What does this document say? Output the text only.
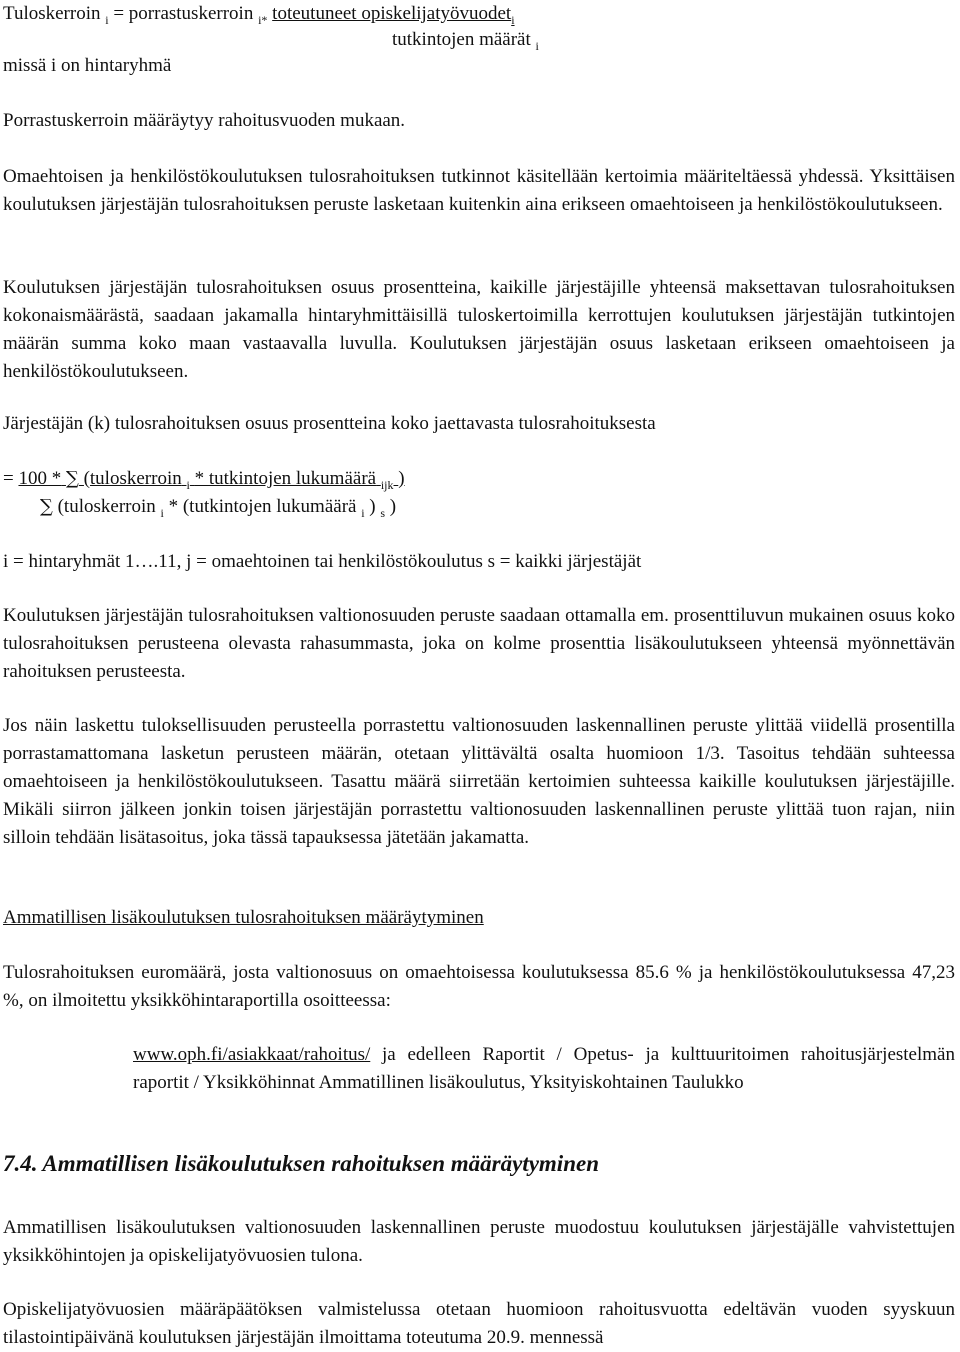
Tuloskerroin $_i$ = porrastuskerroin $_{i*}$ toteutuneet opiskelijatyövuodet$_i$
tutkintojen määrät $_i$

missä i on hintaryhmä

Porrastuskerroin määräytyy rahoitusvuoden mukaan.

Omaehtoisen ja henkilöstökoulutuksen tulosrahoituksen tutkinnot käsitellään kertoimia määriteltäessä yhdessä. Yksittäisen koulutuksen järjestäjän tulosrahoituksen peruste lasketaan kuitenkin aina erikseen omaehtoiseen ja henkilöstökoulutukseen.

Koulutuksen järjestäjän tulosrahoituksen osuus prosentteina, kaikille järjestäjille yhteensä maksettavan tulosrahoituksen kokonaismäärästä, saadaan jakamalla hintaryhmittäisillä tuloskertoimilla kerrottujen koulutuksen järjestäjän tutkintojen määrän summa koko maan vastaavalla luvulla. Koulutuksen järjestäjän osuus lasketaan erikseen omaehtoiseen ja henkilöstökoulutukseen.

Järjestäjän (k) tulosrahoituksen osuus prosentteina koko jaettavasta tulosrahoituksesta

= 100 * ∑ (tuloskerroin $_i$ * tutkintojen lukumäärä $_{ijk}$ )
∑ (tuloskerroin $_i$ * (tutkintojen lukumäärä $_i$ ) $_s$ )

i = hintaryhmät 1….11, j = omaehtoinen tai henkilöstökoulutus s = kaikki järjestäjät

Koulutuksen järjestäjän tulosrahoituksen valtionosuuden peruste saadaan ottamalla em. prosenttiluvun mukainen osuus koko tulosrahoituksen perusteena olevasta rahasummasta, joka on kolme prosenttia lisäkoulutukseen yhteensä myönnettävän rahoituksen perusteesta.

Jos näin laskettu tuloksellisuuden perusteella porrastettu valtionosuuden laskennallinen peruste ylittää viidellä prosentilla porrastamattomana lasketun perusteen määrän, otetaan ylittävältä osalta huomioon 1/3. Tasoitus tehdään suhteessa omaehtoiseen ja henkilöstökoulutukseen. Tasattu määrä siirretään kertoimien suhteessa kaikille koulutuksen järjestäjille. Mikäli siirron jälkeen jonkin toisen järjestäjän porrastettu valtionosuuden laskennallinen peruste ylittää tuon rajan, niin silloin tehdään lisätasoitus, joka tässä tapauksessa jätetään jakamatta.

Ammatillisen lisäkoulutuksen tulosrahoituksen määräytyminen

Tulosrahoituksen euromäärä, josta valtionosuus on omaehtoisessa koulutuksessa 85.6 % ja henkilöstökoulutuksessa 47,23 %, on ilmoitettu yksikköhintaraportilla osoitteessa:

www.oph.fi/asiakkaat/rahoitus/ ja edelleen Raportit / Opetus- ja kulttuuritoimen rahoitusjärjestelmän raportit / Yksikköhinnat Ammatillinen lisäkoulutus, Yksityiskohtainen Taulukko

7.4. Ammatillisen lisäkoulutuksen rahoituksen määräytyminen

Ammatillisen lisäkoulutuksen valtionosuuden laskennallinen peruste muodostuu koulutuksen järjestäjälle vahvistettujen yksikköhintojen ja opiskelijatyövuosien tulona.

Opiskelijatyövuosien määräpäätöksen valmistelussa otetaan huomioon rahoitusvuotta edeltävän vuoden syyskuun tilastointipäivänä koulutuksen järjestäjän ilmoittama toteutuma 20.9. mennessä
